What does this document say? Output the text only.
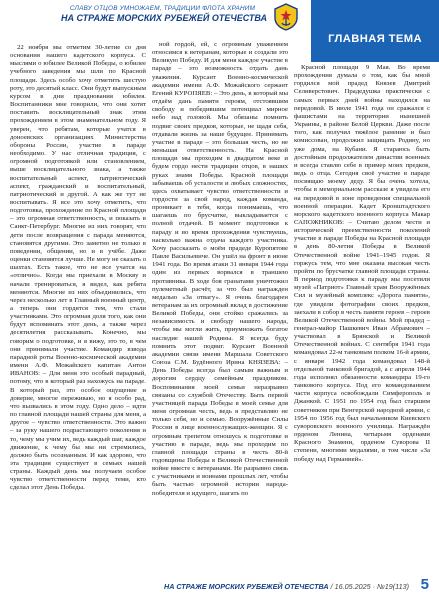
СЛАВУ ОТЦОВ УМНОЖАЕМ, ТРАДИЦИИ ФЛОТА ХРАНИМ
НА СТРАЖЕ МОРСКИХ РУБЕЖЕЙ ОТЕЧЕСТВА
ГЛАВНАЯ ТЕМА

22 ноября мы отметим 30-летие со дня основания нашего кадетского корпуса. С мыслями о юбилее Великой Победы, о юбилее учебного заведения мы шли по Красной площади. Здесь особо хочу отметить шестую роту, это десятый класс. Они будут выпускным курсом в дни празднования юбилея. Воспитанники мне говорили, что они хотят поставить восклицательный знак этим прохождением в этом знаменательном году. Я уверен, что ребятам, которые учатся в доноевских организациях Министерства обороны России, участие в параде необходимо. У нас отличная традиция, с огромной подготовкой или становлением, выше восклицательного знака, а также воспитательный аспект, патриотический аспект, гражданский и воспитательный, патриотический и другой. А как же тут не воспитывать. Я все это хочу отметить, что подготовка, прохождение по Красной площади – это огромная ответственность, и показать в Санкт-Петербург. Многие из них говорят, что дети после возвращения с парада меняются, становятся другими. Это заметно не только в поведении, общении, но и в учёбе. Даже оценки становятся лучше. Не могу не сказать о шахтах. Есть такое, что не все учатся на «отлично». Когда мы приехали в Москву и начали тренироваться, я видел, как ребята меняются. Многие из них объединились, что через несколько лет в Главный военный центр, а теперь они гордятся тем, что стали участниками. Это огромная доля того, как они будут вспоминать этот день, а также через десятилетия рассказывать. Конечно, мы говорим о подготовке, и я вижу, это то, в чем они принимали участие. Командир взвода парадной роты Военно-космической академии имени А.Ф. Можайского капитан Антон ИВАНОВ: – Для меня это особый парадный, потому, что в который раз нахожусь на параде. В который раз, это особое ощущение и доверие, многое переживаю, но я особо рад, что вызвались в этом году. Одно дело – идти по главной площади нашей страны для меня, а другое – чувство ответственности. Это важно – за руку нашего подрастающего поколения и то, чему мы учим их, ведь каждый шаг, каждое движение, к чему бы мы ни стремились, должно быть осознанным. И как здорово, что эта традиция существует в семьях нашей страны. Каждый день мы получаем особое чувство ответственности перед теми, кто сделал этот День Победы.

ной гордой, ей, с огромным уважением относимся к ветеранам, которые и создали это Великую Победу. И для меня каждое участие в параде – это возможность отдать дань уважения. Курсант Военно-космической академии имени А.Ф. Можайского сержант Егений КУРОПЯЕВ: – Это день, в который мы отдаём дань памяти героям, отстоявшим свободу и победившим потенциал мирное небо над головой. Мы обязаны помнить подвиг своих предков, которые, не щадя себя, отдавали жизнь за наше будущее. Принимать участие в параде – это большая честь, но не меньшая ответственность. На Красной площади мы проходим в двадцатом веке и будем гордо нести традиции отцов, в наших руках знамя Победы. Красной площади забываешь об усталости и любых сложностях, здесь охватывает чувство ответственности и гордости за свой народ, каждая команда, проникает в тебя, когда понимаешь, что шагаешь по брусчатке, выкладывается с полной отдачей. В момент подготовки к параду и во время прохождения чувствуешь, насколько важна отдача каждого участника. Хочу рассказать о моём прадеде Куропятове Павле Васильевиче. Он ушёл на фронт в июне 1941 года. Во время атаки 31 января 1944 года один из первых ворвался в траншею противника. В ходе боя гранатами уничтожил пулеметный расчёт, за что был награжден медалью «За отвагу». Я очень благодарен ветеранам за их огромный вклад в достижение Великой Победы, они стойко сражались за независимость и свободу нашего народа, чтобы мы могли жить, приумножать богатое наследие нашей Родины. Я всегда буду помнить этот подвиг. Курсант Военной академии связи имени Маршала Советского Союза С.М. Будённого Ирина КНЯЗЕВА: – День Победы всегда был самым важным и дорогим сердцу семейным праздником. Воспоминания моей семьи неразрывно связаны со службой Отечеству. Быть первой участницей парада Победы в моей семье для меня огромная честь, ведь я представляю не только себя, но и семью. Вооружённые Силы России в лице военнослужащих-женщин. Я с огромным трепетом отношусь к подготовке и участию в параде, ведь мы проходим по главной площади страны в честь 80-й годовщины Победы в Великой Отечественной войне вместе с ветеранами. Не разрывно связь с участниками и воинами прошлых лет, чтобы быть частью огромной истории народа-победителя и идущего, шагать по

Красной площади 9 Мая. Во время прохождения думала о том, как бы мной гордился мой прадед Князев Дмитрий Селиверстович. Прадедушка практически с самых первых дней войны находился на передовой. В июле 1941 года он сражался с фашистами на территории нынешней Украины, в районе Белой Церкви. Даже после того, как получил тяжёлое ранение и был комиссован, продолжил защищать Родину, но уже дома, на Кубани. Я стараюсь быть достойным продолжателем династии военных и всегда ставлю себе в пример моих предков, ведь о отца. Сегодня своё участие в параде посвящаю моему деду. Я бы очень хотела, чтобы в мемориальном рассказе я увидела его на передовой в зоне проведения специальной военной операции. Кадет Кронштадтского морского кадетского военного корпуса Макар САПОЖНИКОВ: – Считаю делом чести и исторической преемственности поколений участие в параде Победы на Красной площади в день 80-летия Победы в Великой Отечественной войне 1941–1945 годов. Я горжусь тем, что мне оказана высокая честь пройти по брусчатке главной площади страны. В период подготовки к параду мы посетили музей «Патриот» Главный храм Вооружённых Сил и музейный комплекс «Дорога памяти», где увидели фотографии своих предков, заехали в собор в честь памяти героев – героев Великой Отечественной войны. Мой прадед – генерал-майор Пашкевич Иван Абрамович – участвовал в Брянской и Великой Отечественной войнах. С сентября 1941 года командовал 22-м танковым полком 16-й армии, с января 1942 года командовал 148-й отдельной танковой бригадой, а с апреля 1944 года исполнял обязанности командира 19-го танкового корпуса. Под его командованием части корпуса освобождали Симферополь и Джанкой. С 1951 по 1954 год был старшим советником при Венгерской народной армии, с 1954 по 1956 год был начальником Киевского суворовского военного училища. Награждён орденом Ленина, четырьмя орденами Красного Знамени, орденом Суворова II степени, многими медалями, в том числе «За победу над Германией».

НА СТРАЖЕ МОРСКИХ РУБЕЖЕЙ ОТЕЧЕСТВА / 16.05.2025 · №19(113) 5
